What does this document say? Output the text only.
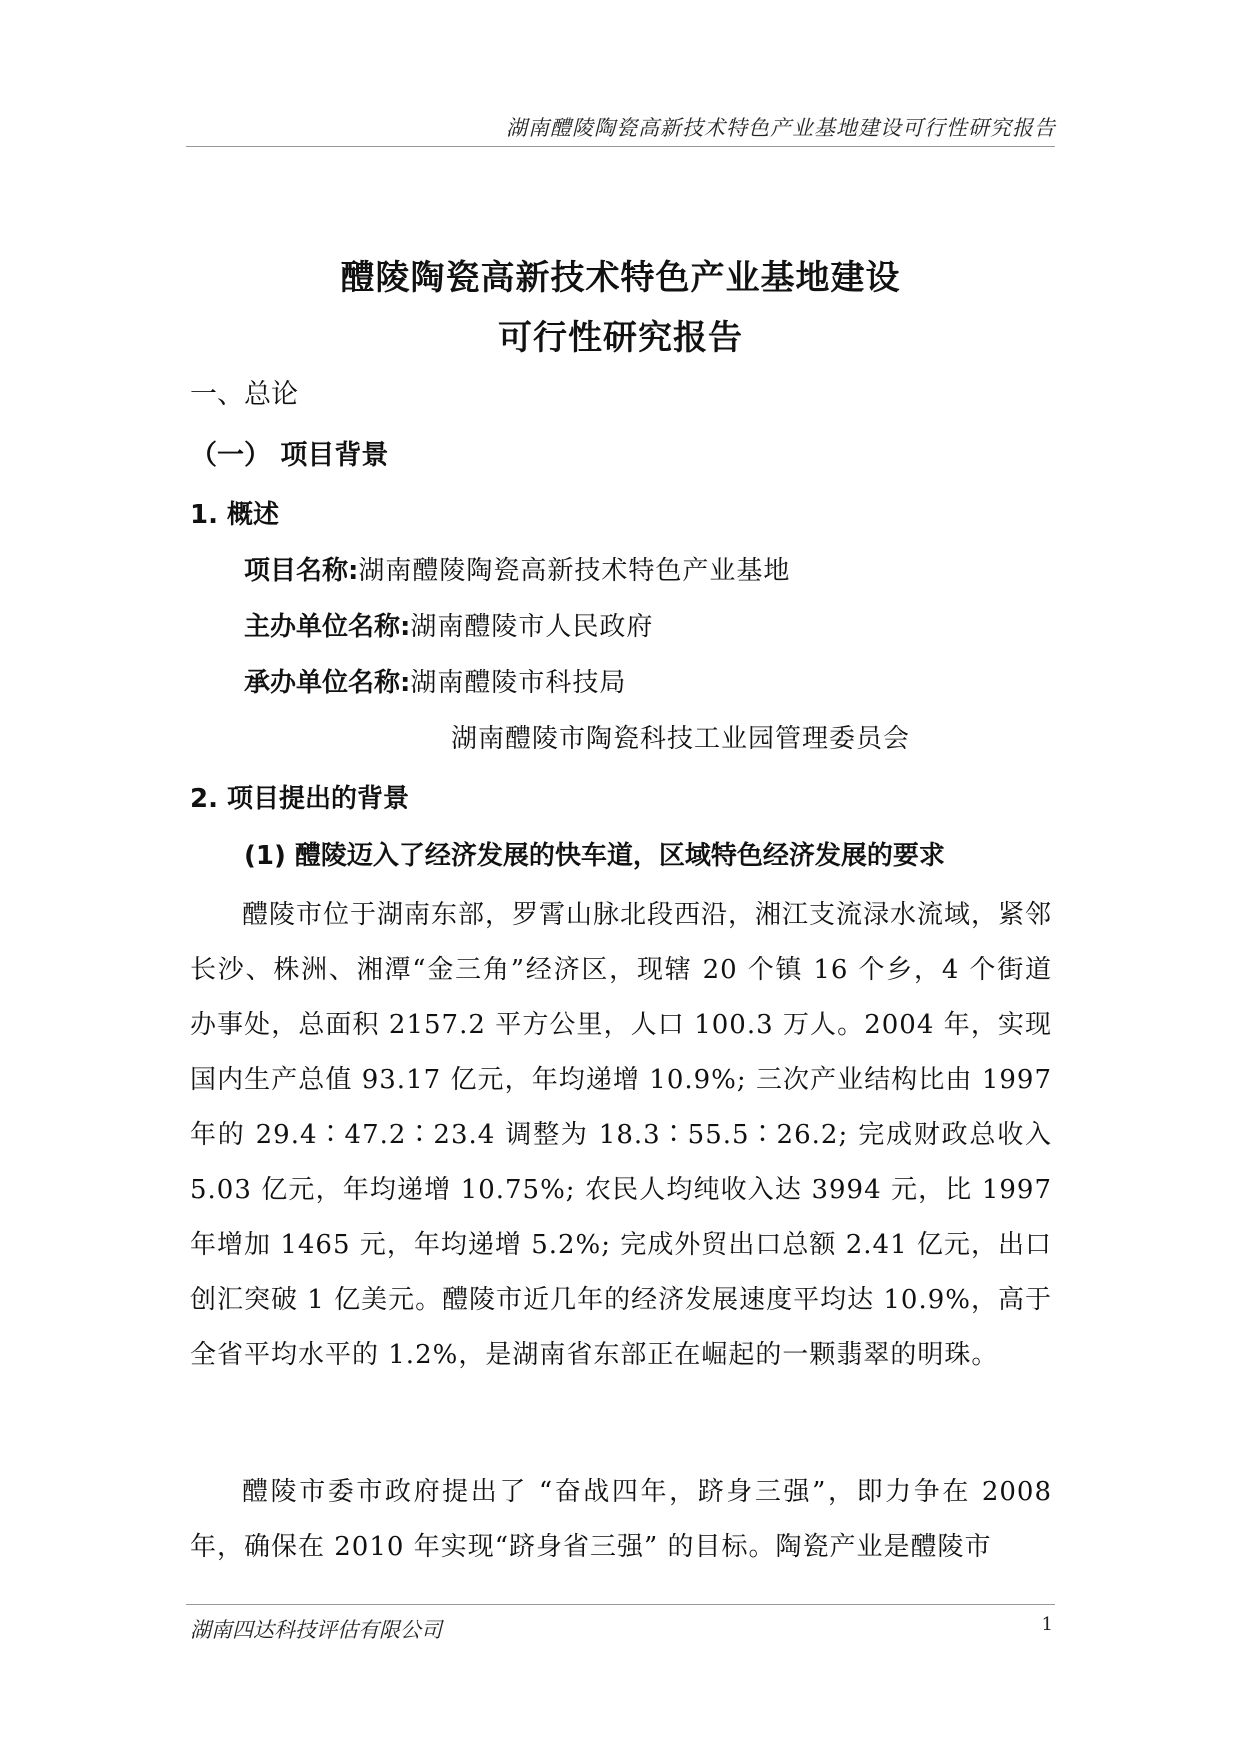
湖南醴陵陶瓷高新技术特色产业基地建设可行性研究报告
醴陵陶瓷高新技术特色产业基地建设
可行性研究报告
一、总论
（一） 项目背景
1. 概述
项目名称:湖南醴陵陶瓷高新技术特色产业基地
主办单位名称:湖南醴陵市人民政府
承办单位名称:湖南醴陵市科技局
湖南醴陵市陶瓷科技工业园管理委员会
2. 项目提出的背景
(1) 醴陵迈入了经济发展的快车道，区域特色经济发展的要求

醴陵市位于湖南东部，罗霄山脉北段西沿，湘江支流渌水流域，紧邻长沙、株洲、湘潭“金三角”经济区，现辖 20 个镇 16 个乡，4 个街道办事处，总面积 2157.2 平方公里，人口 100.3 万人。2004 年，实现国内生产总值 93.17 亿元，年均递增 10.9%; 三次产业结构比由 1997 年的 29.4∶47.2∶23.4 调整为 18.3∶55.5∶26.2; 完成财政总收入 5.03 亿元，年均递增 10.75%; 农民人均纯收入达 3994 元，比 1997 年增加 1465 元，年均递增 5.2%; 完成外贸出口总额 2.41 亿元，出口创汇突破 1 亿美元。醴陵市近几年的经济发展速度平均达 10.9%，高于全省平均水平的 1.2%，是湖南省东部正在崛起的一颗翡翠的明珠。

醴陵市委市政府提出了 “奋战四年，跻身三强”，即力争在 2008 年，确保在 2010 年实现“跻身省三强” 的目标。陶瓷产业是醴陵市

湖南四达科技评估有限公司	1
